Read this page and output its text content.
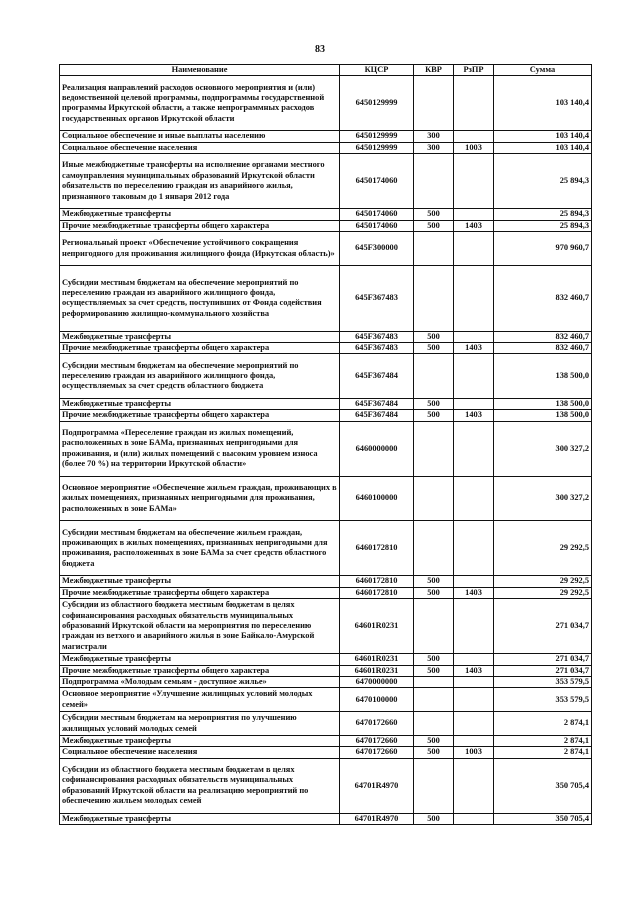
83
Наименование	КЦСР	КВР	РзПР	Сумма
Реализация направлений расходов основного мероприятия и (или) ведомственной целевой программы, подпрограммы государственной программы Иркутской области, а также непрограммных расходов государственных органов Иркутской области	6450129999			103 140,4
Социальное обеспечение и иные выплаты населению	6450129999	300		103 140,4
Социальное обеспечение населения	6450129999	300	1003	103 140,4
Иные межбюджетные трансферты на исполнение органами местного самоуправления муниципальных образований Иркутской области обязательств по переселению граждан из аварийного жилья, признанного таковым до 1 января 2012 года	6450174060			25 894,3
Межбюджетные трансферты	6450174060	500		25 894,3
Прочие межбюджетные трансферты общего характера	6450174060	500	1403	25 894,3
Региональный проект «Обеспечение устойчивого сокращения непригодного для проживания жилищного фонда (Иркутская область)»	645F300000			970 960,7
Субсидии местным бюджетам на обеспечение мероприятий по переселению граждан из аварийного жилищного фонда, осуществляемых за счет средств, поступивших от Фонда содействия реформированию жилищно-коммунального хозяйства	645F367483			832 460,7
Межбюджетные трансферты	645F367483	500		832 460,7
Прочие межбюджетные трансферты общего характера	645F367483	500	1403	832 460,7
Субсидии местным бюджетам на обеспечение мероприятий по переселению граждан из аварийного жилищного фонда, осуществляемых за счет средств областного бюджета	645F367484			138 500,0
Межбюджетные трансферты	645F367484	500		138 500,0
Прочие межбюджетные трансферты общего характера	645F367484	500	1403	138 500,0
Подпрограмма «Переселение граждан из жилых помещений, расположенных в зоне БАМа, признанных непригодными для проживания, и (или) жилых помещений с высоким уровнем износа (более 70 %) на территории Иркутской области»	6460000000			300 327,2
Основное мероприятие «Обеспечение жильем граждан, проживающих в жилых помещениях, признанных непригодными для проживания, расположенных в зоне БАМа»	6460100000			300 327,2
Субсидии местным бюджетам на обеспечение жильем граждан, проживающих в жилых помещениях, признанных непригодными для проживания, расположенных в зоне БАМа за счет средств областного бюджета	6460172810			29 292,5
Межбюджетные трансферты	6460172810	500		29 292,5
Прочие межбюджетные трансферты общего характера	6460172810	500	1403	29 292,5
Субсидии из областного бюджета местным бюджетам в целях софинансирования расходных обязательств муниципальных образований Иркутской области на мероприятия по переселению граждан из ветхого и аварийного жилья в зоне Байкало-Амурской магистрали	64601R0231			271 034,7
Межбюджетные трансферты	64601R0231	500		271 034,7
Прочие межбюджетные трансферты общего характера	64601R0231	500	1403	271 034,7
Подпрограмма «Молодым семьям - доступное жилье»	6470000000			353 579,5
Основное мероприятие «Улучшение жилищных условий молодых семей»	6470100000			353 579,5
Субсидии местным бюджетам на мероприятия по улучшению жилищных условий молодых семей	6470172660			2 874,1
Межбюджетные трансферты	6470172660	500		2 874,1
Социальное обеспечение населения	6470172660	500	1003	2 874,1
Субсидии из областного бюджета местным бюджетам в целях софинансирования расходных обязательств муниципальных образований Иркутской области на реализацию мероприятий по обеспечению жильем молодых семей	64701R4970			350 705,4
Межбюджетные трансферты	64701R4970	500		350 705,4
